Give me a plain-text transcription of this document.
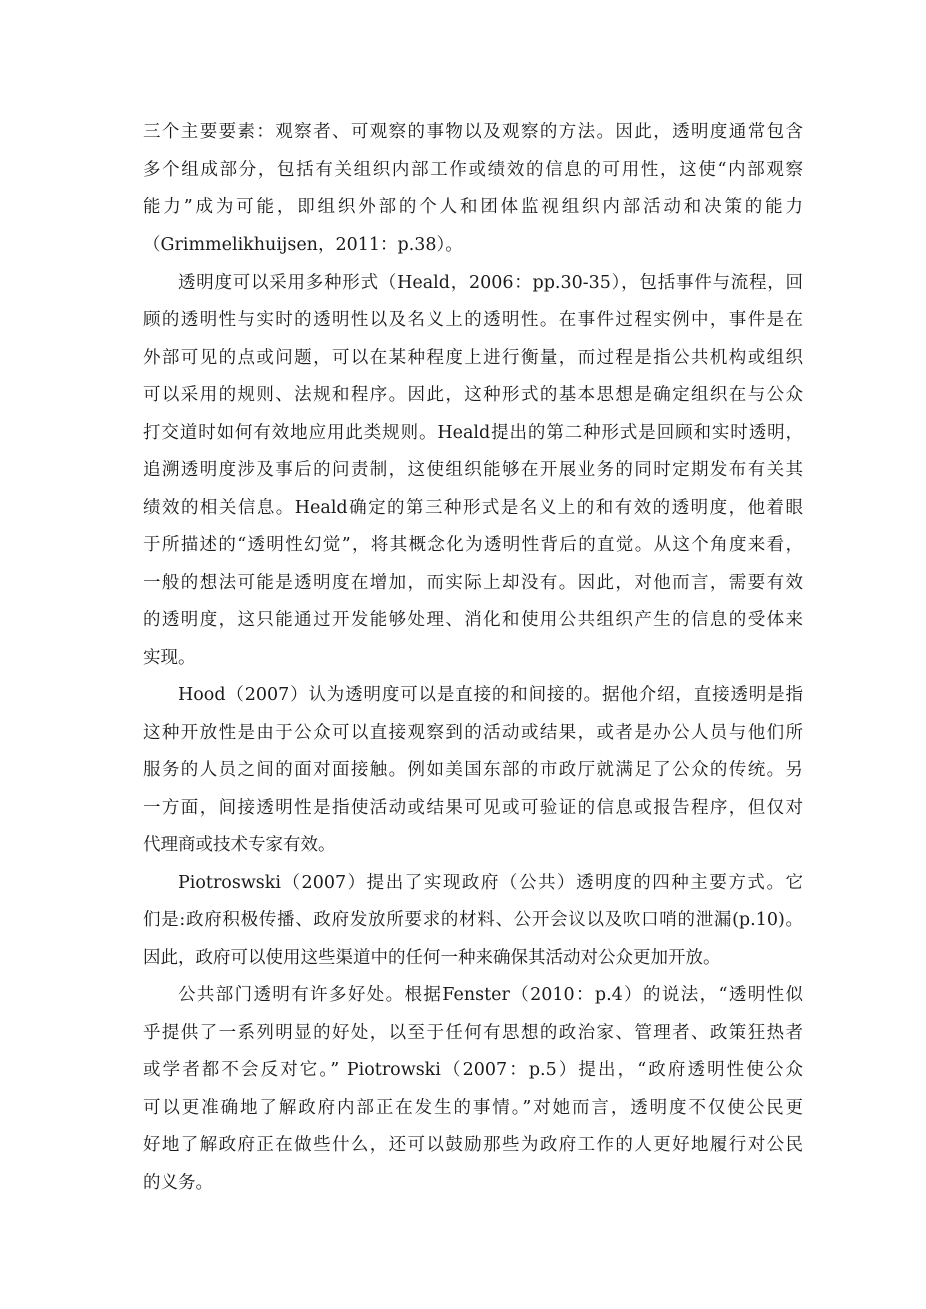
三个主要要素：观察者、可观察的事物以及观察的方法。因此，透明度通常包含
多个组成部分，包括有关组织内部工作或绩效的信息的可用性，这使“内部观察
能力”成为可能，即组织外部的个人和团体监视组织内部活动和决策的能力
（Grimmelikhuijsen，2011：p.38）。
透明度可以采用多种形式（Heald，2006：pp.30-35），包括事件与流程，回
顾的透明性与实时的透明性以及名义上的透明性。在事件过程实例中，事件是在
外部可见的点或问题，可以在某种程度上进行衡量，而过程是指公共机构或组织
可以采用的规则、法规和程序。因此，这种形式的基本思想是确定组织在与公众
打交道时如何有效地应用此类规则。Heald提出的第二种形式是回顾和实时透明，
追溯透明度涉及事后的问责制，这使组织能够在开展业务的同时定期发布有关其
绩效的相关信息。Heald确定的第三种形式是名义上的和有效的透明度，他着眼
于所描述的“透明性幻觉”，将其概念化为透明性背后的直觉。从这个角度来看，
一般的想法可能是透明度在增加，而实际上却没有。因此，对他而言，需要有效
的透明度，这只能通过开发能够处理、消化和使用公共组织产生的信息的受体来
实现。
Hood（2007）认为透明度可以是直接的和间接的。据他介绍，直接透明是指
这种开放性是由于公众可以直接观察到的活动或结果，或者是办公人员与他们所
服务的人员之间的面对面接触。例如美国东部的市政厅就满足了公众的传统。另
一方面，间接透明性是指使活动或结果可见或可验证的信息或报告程序，但仅对
代理商或技术专家有效。
Piotroswski（2007）提出了实现政府（公共）透明度的四种主要方式。它
们是:政府积极传播、政府发放所要求的材料、公开会议以及吹口哨的泄漏(p.10)。
因此，政府可以使用这些渠道中的任何一种来确保其活动对公众更加开放。
公共部门透明有许多好处。根据Fenster（2010：p.4）的说法，“透明性似
乎提供了一系列明显的好处，以至于任何有思想的政治家、管理者、政策狂热者
或学者都不会反对它。” Piotrowski（2007：p.5）提出，“政府透明性使公众
可以更准确地了解政府内部正在发生的事情。”对她而言，透明度不仅使公民更
好地了解政府正在做些什么，还可以鼓励那些为政府工作的人更好地履行对公民
的义务。
